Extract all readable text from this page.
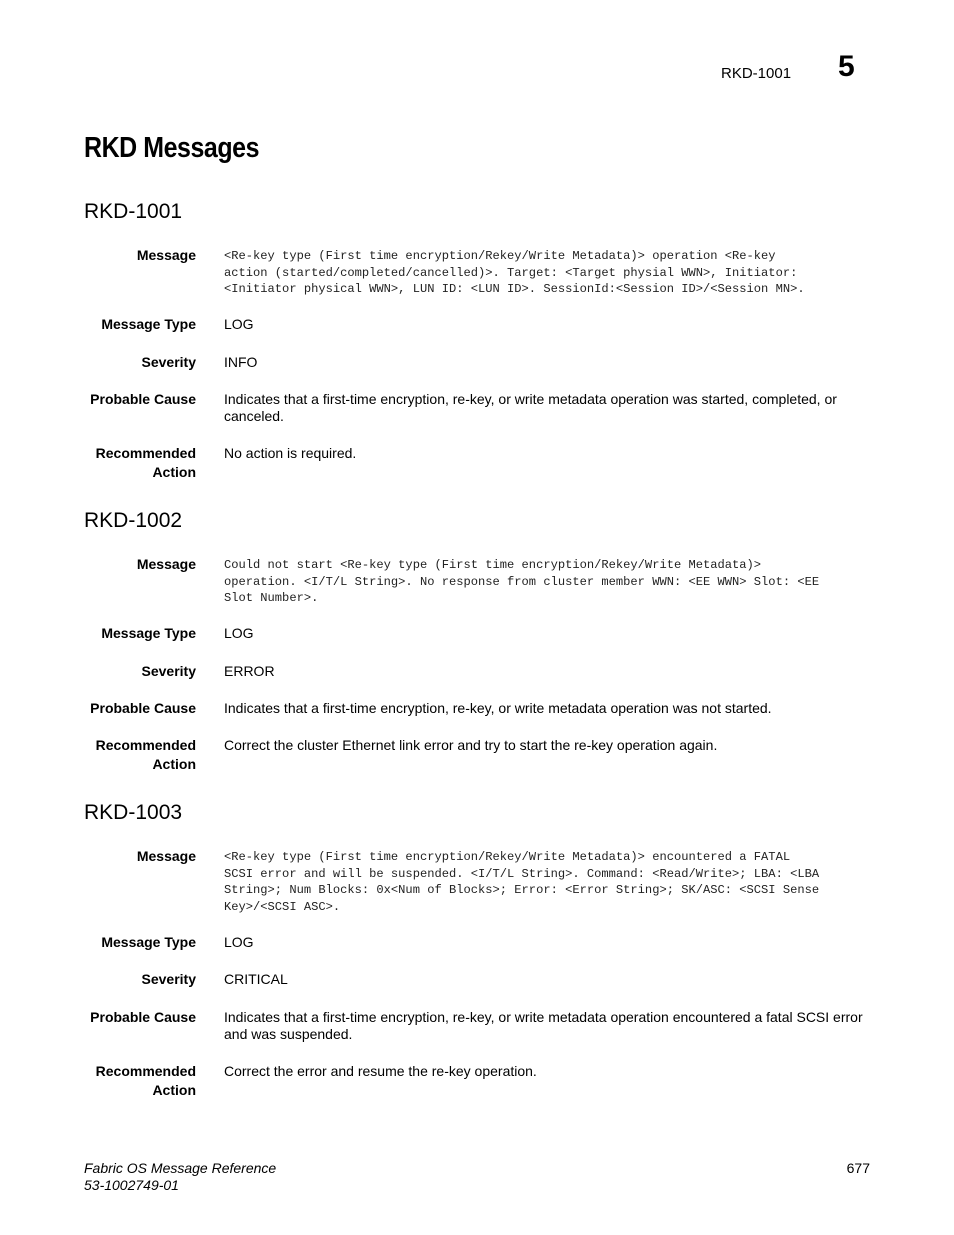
RKD-1001 5
RKD Messages
RKD-1001
Message <Re-key type (First time encryption/Rekey/Write Metadata)> operation <Re-key
action (started/completed/cancelled)>. Target: <Target physial WWN>, Initiator:
<Initiator physical WWN>, LUN ID: <LUN ID>. SessionId:<Session ID>/<Session MN>.
Message Type LOG
Severity INFO
Probable Cause Indicates that a first-time encryption, re-key, or write metadata operation was started, completed, or canceled.
Recommended
Action
No action is required.
RKD-1002
Message Could not start <Re-key type (First time encryption/Rekey/Write Metadata)>
operation. <I/T/L String>. No response from cluster member WWN: <EE WWN> Slot: <EE
Slot Number>.
Message Type LOG
Severity ERROR
Probable Cause Indicates that a first-time encryption, re-key, or write metadata operation was not started.
Recommended
Action
Correct the cluster Ethernet link error and try to start the re-key operation again.
RKD-1003
Message <Re-key type (First time encryption/Rekey/Write Metadata)> encountered a FATAL
SCSI error and will be suspended. <I/T/L String>. Command: <Read/Write>; LBA: <LBA
String>; Num Blocks: 0x<Num of Blocks>; Error: <Error String>; SK/ASC: <SCSI Sense
Key>/<SCSI ASC>.
Message Type LOG
Severity CRITICAL
Probable Cause Indicates that a first-time encryption, re-key, or write metadata operation encountered a fatal SCSI error and was suspended.
Recommended
Action
Correct the error and resume the re-key operation.
Fabric OS Message Reference
53-1002749-01
677
